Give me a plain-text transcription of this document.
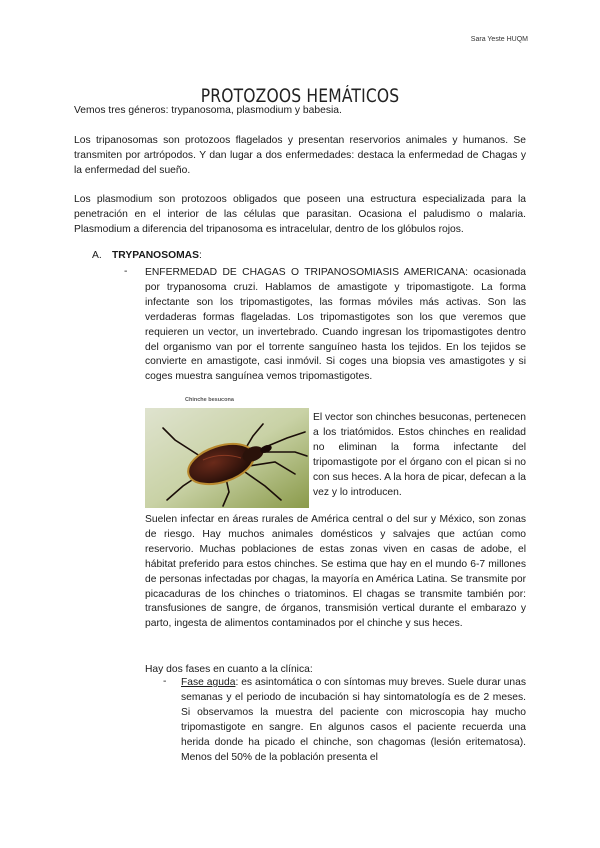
Sara Yeste HUQM
PROTOZOOS HEMÁTICOS

Vemos tres géneros: trypanosoma, plasmodium y babesia.

Los tripanosomas son protozoos flagelados y presentan reservorios animales y humanos. Se transmiten por artrópodos. Y dan lugar a dos enfermedades: destaca la enfermedad de Chagas y la enfermedad del sueño.

Los plasmodium son protozoos obligados que poseen una estructura especializada para la penetración en el interior de las células que parasitan. Ocasiona el paludismo o malaria. Plasmodium a diferencia del tripanosoma es intracelular, dentro de los glóbulos rojos.

A. TRYPANOSOMAS:
- ENFERMEDAD DE CHAGAS O TRIPANOSOMIASIS AMERICANA: ocasionada por trypanosoma cruzi. Hablamos de amastigote y tripomastigote. La forma infectante son los tripomastigotes, las formas móviles más activas. Son las verdaderas formas flageladas. Los tripomastigotes son los que veremos que requieren un vector, un invertebrado. Cuando ingresan los tripomastigotes dentro del organismo van por el torrente sanguíneo hasta los tejidos. En los tejidos se convierte en amastigote, casi inmóvil. Si coges una biopsia ves amastigotes y si coges muestra sanguínea vemos tripomastigotes.

Chinche besucona

El vector son chinches besuconas, pertenecen a los triatómidos. Estos chinches en realidad no eliminan la forma infectante del tripomastigote por el órgano con el pican si no con sus heces. A la hora de picar, defecan a la vez y lo introducen.

Suelen infectar en áreas rurales de América central o del sur y México, son zonas de riesgo. Hay muchos animales domésticos y salvajes que actúan como reservorio. Muchas poblaciones de estas zonas viven en casas de adobe, el hábitat preferido para estos chinches. Se estima que hay en el mundo 6-7 millones de personas infectadas por chagas, la mayoría en América Latina. Se transmite por picacaduras de los chinches o triatominos. El chagas se transmite también por: transfusiones de sangre, de órganos, transmisión vertical durante el embarazo y parto, ingesta de alimentos contaminados por el chinche y sus heces.

Hay dos fases en cuanto a la clínica:

- Fase aguda: es asintomática o con síntomas muy breves. Suele durar unas semanas y el periodo de incubación si hay sintomatología es de 2 meses. Si observamos la muestra del paciente con microscopia hay mucho tripomastigote en sangre. En algunos casos el paciente recuerda una herida donde ha picado el chinche, son chagomas (lesión eritematosa). Menos del 50% de la población presenta el
